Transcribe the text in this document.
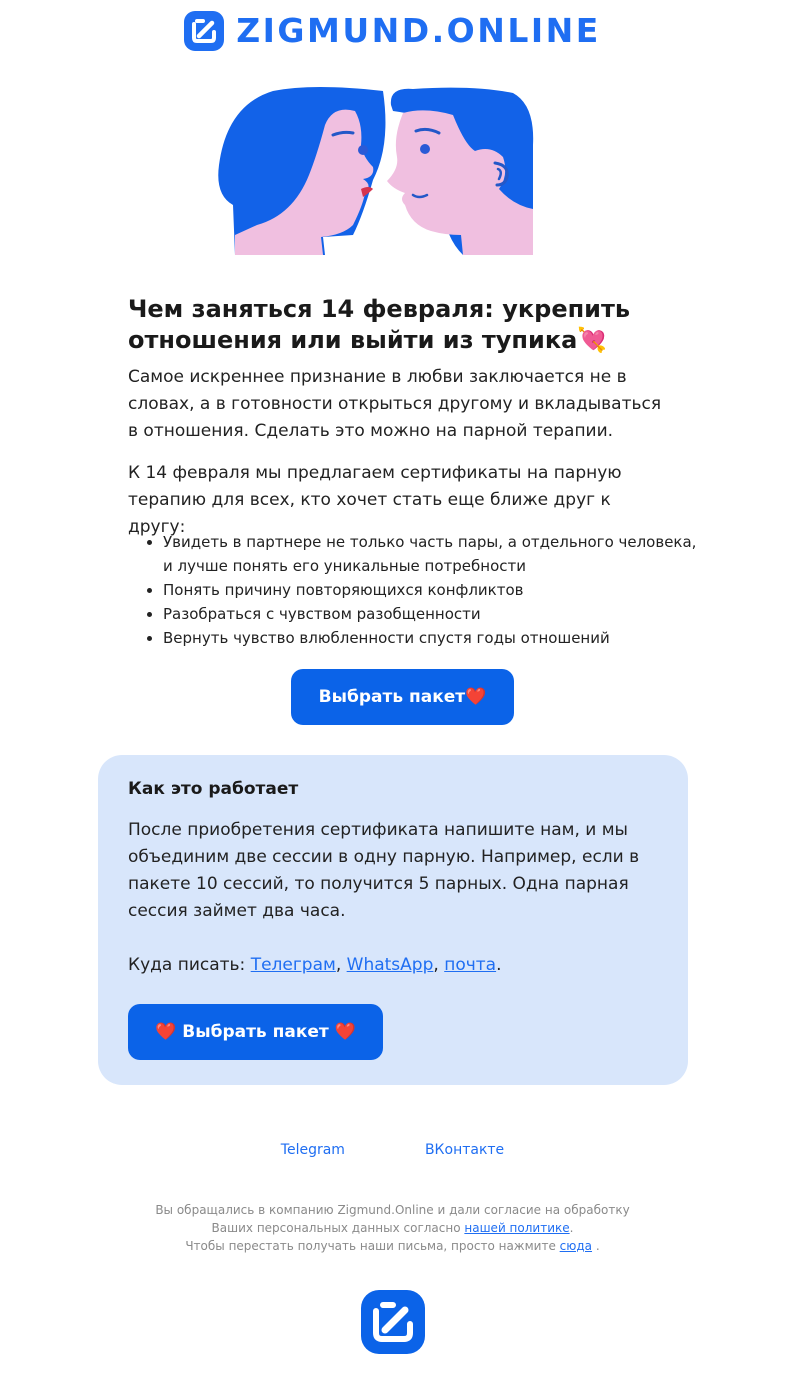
ZIGMUND.ONLINE
Чем заняться 14 февраля: укрепить отношения или выйти из тупика💘

Самое искреннее признание в любви заключается не в словах, а в готовности открыться другому и вкладываться в отношения. Сделать это можно на парной терапии.

К 14 февраля мы предлагаем сертификаты на парную терапию для всех, кто хочет стать еще ближе друг к другу:

• Увидеть в партнере не только часть пары, а отдельного человека, и лучше понять его уникальные потребности
• Понять причину повторяющихся конфликтов
• Разобраться с чувством разобщенности
• Вернуть чувство влюбленности спустя годы отношений
Выбрать пакет❤️
Как это работает

После приобретения сертификата напишите нам, и мы объединим две сессии в одну парную. Например, если в пакете 10 сессий, то получится 5 парных. Одна парная сессия займет два часа.

Куда писать: Телеграм, WhatsApp, почта.

❤️ Выбрать пакет ❤️
Telegram	ВКонтакте
Вы обращались в компанию Zigmund.Online и дали согласие на обработку Ваших персональных данных согласно нашей политике.
Чтобы перестать получать наши письма, просто нажмите сюда .
